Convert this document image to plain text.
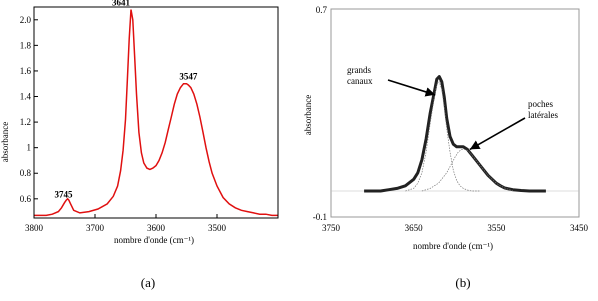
absorbance
0.6
0.8
1
1.2
1.4
1.6
1.8
2.0
3800	3700	3600	3500
3745
3641
3547
nombre d'onde (cm⁻¹)
(a)
absorbance
0.7
-0.1
3750	3650	3550	3450
grands
canaux
poches
latérales
nombre d'onde (cm⁻¹)
(b)
